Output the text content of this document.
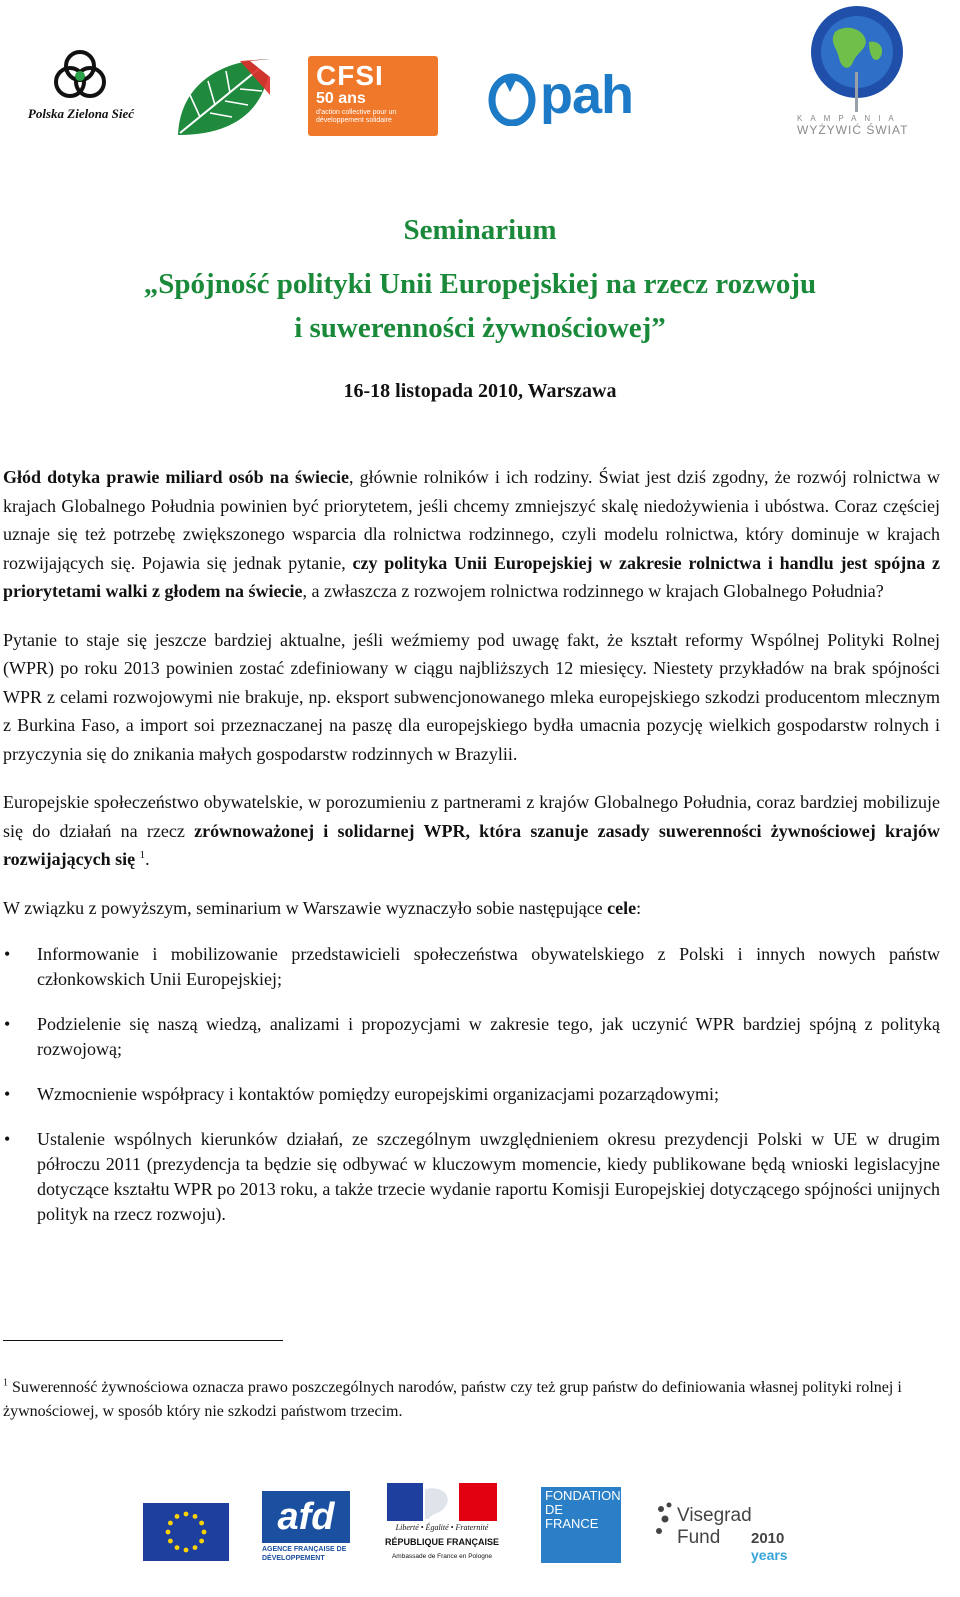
Polska Zielona Sieć
CFSI
50 ans
d'action collective pour un développement solidaire	pah	KAMPANIA
WYŻYWIĆ ŚWIAT

Seminarium

„Spójność polityki Unii Europejskiej na rzecz rozwoju
i suwerenności żywnościowej”

16-18 listopada 2010, Warszawa

Głód dotyka prawie miliard osób na świecie, głównie rolników i ich rodziny. Świat jest dziś zgodny, że rozwój rolnictwa w krajach Globalnego Południa powinien być priorytetem, jeśli chcemy zmniejszyć skalę niedożywienia i ubóstwa. Coraz częściej uznaje się też potrzebę zwiększonego wsparcia dla rolnictwa rodzinnego, czyli modelu rolnictwa, który dominuje w krajach rozwijających się. Pojawia się jednak pytanie, czy polityka Unii Europejskiej w zakresie rolnictwa i handlu jest spójna z priorytetami walki z głodem na świecie, a zwłaszcza z rozwojem rolnictwa rodzinnego w krajach Globalnego Południa?

Pytanie to staje się jeszcze bardziej aktualne, jeśli weźmiemy pod uwagę fakt, że kształt reformy Wspólnej Polityki Rolnej (WPR) po roku 2013 powinien zostać zdefiniowany w ciągu najbliższych 12 miesięcy. Niestety przykładów na brak spójności WPR z celami rozwojowymi nie brakuje, np. eksport subwencjonowanego mleka europejskiego szkodzi producentom mlecznym z Burkina Faso, a import soi przeznaczanej na paszę dla europejskiego bydła umacnia pozycję wielkich gospodarstw rolnych i przyczynia się do znikania małych gospodarstw rodzinnych w Brazylii.

Europejskie społeczeństwo obywatelskie, w porozumieniu z partnerami z krajów Globalnego Południa, coraz bardziej mobilizuje się do działań na rzecz zrównoważonej i solidarnej WPR, która szanuje zasady suwerenności żywnościowej krajów rozwijających się $^1$.

W związku z powyższym, seminarium w Warszawie wyznaczyło sobie następujące cele:

• Informowanie i mobilizowanie przedstawicieli społeczeństwa obywatelskiego z Polski i innych nowych państw członkowskich Unii Europejskiej;
• Podzielenie się naszą wiedzą, analizami i propozycjami w zakresie tego, jak uczynić WPR bardziej spójną z polityką rozwojową;
• Wzmocnienie współpracy i kontaktów pomiędzy europejskimi organizacjami pozarządowymi;
• Ustalenie wspólnych kierunków działań, ze szczególnym uwzględnieniem okresu prezydencji Polski w UE w drugim półroczu 2011 (prezydencja ta będzie się odbywać w kluczowym momencie, kiedy publikowane będą wnioski legislacyjne dotyczące kształtu WPR po 2013 roku, a także trzecie wydanie raportu Komisji Europejskiej dotyczącego spójności unijnych polityk na rzecz rozwoju).
$^1$ Suwerenność żywnościowa oznacza prawo poszczególnych narodów, państw czy też grup państw do definiowania własnej polityki rolnej i żywnościowej, w sposób który nie szkodzi państwom trzecim.
afd
AGENCE FRANÇAISE DE DÉVELOPPEMENT
Liberté • Égalité • Fraternité
RÉPUBLIQUE FRANÇAISE
Ambassade de France en Pologne
FONDATION DE FRANCE	Visegrad Fund	2010
years
